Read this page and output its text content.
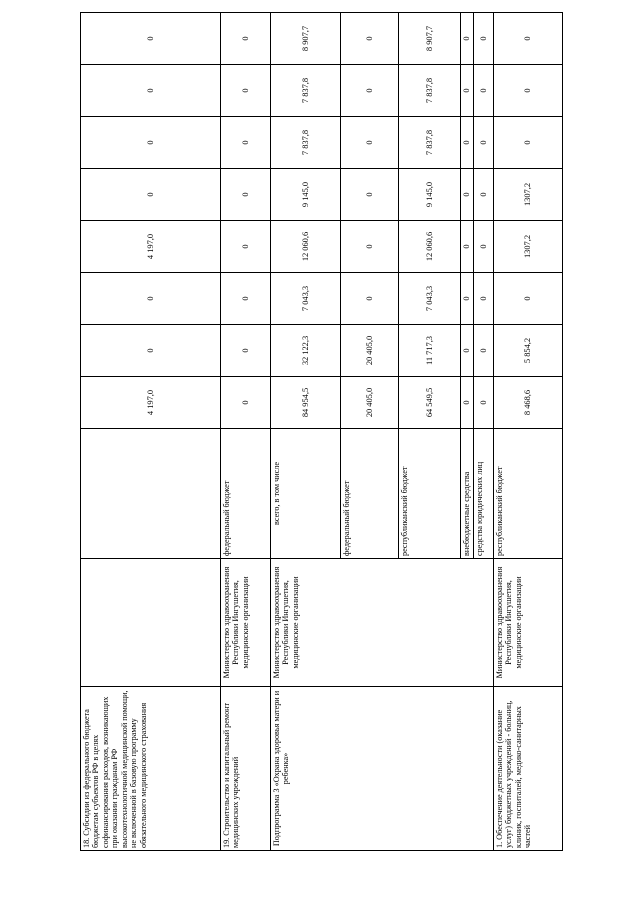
18. Субсидии из федерального бюджета бюджетам субъектов РФ в целях софинансирования расходов, возникающих при оказании гражданам РФ высокотехнологичной медицинской помощи, не включенной в базовую программу обязательного медицинского страхования			4 197,0	0	0	4 197,0	0	0	0	0
19. Строительство и капитальный ремонт медицинских учреждений	Министерство здравоохранения Республики Ингушетия, медицинские организации	федеральный бюджет	0	0	0	0	0	0	0	0
Подпрограмма 3 «Охрана здоровья матери и ребенка»	Министерство здравоохранения Республики Ингушетия, медицинские организации	всего, в том числе	84 954,5	32 122,3	7 043,3	12 060,6	9 145,0	7 837,8	7 837,8	8 907,7
		федеральный бюджет	20 405,0	20 405,0	0	0	0	0	0	0
		республиканский бюджет	64 549,5	11 717,3	7 043,3	12 060,6	9 145,0	7 837,8	7 837,8	8 907,7
		внебюджетные средства	0	0	0	0	0	0	0	0
		средства юридических лиц	0	0	0	0	0	0	0	0
1. Обеспечение деятельности (оказание услуг) бюджетных учреждений - больниц, клиник, госпиталей, медико-санитарных частей	Министерство здравоохранения Республики Ингушетия, медицинские организации	республиканский бюджет	8 468,6	5 854,2	0	1307,2	1307,2	0	0	0
